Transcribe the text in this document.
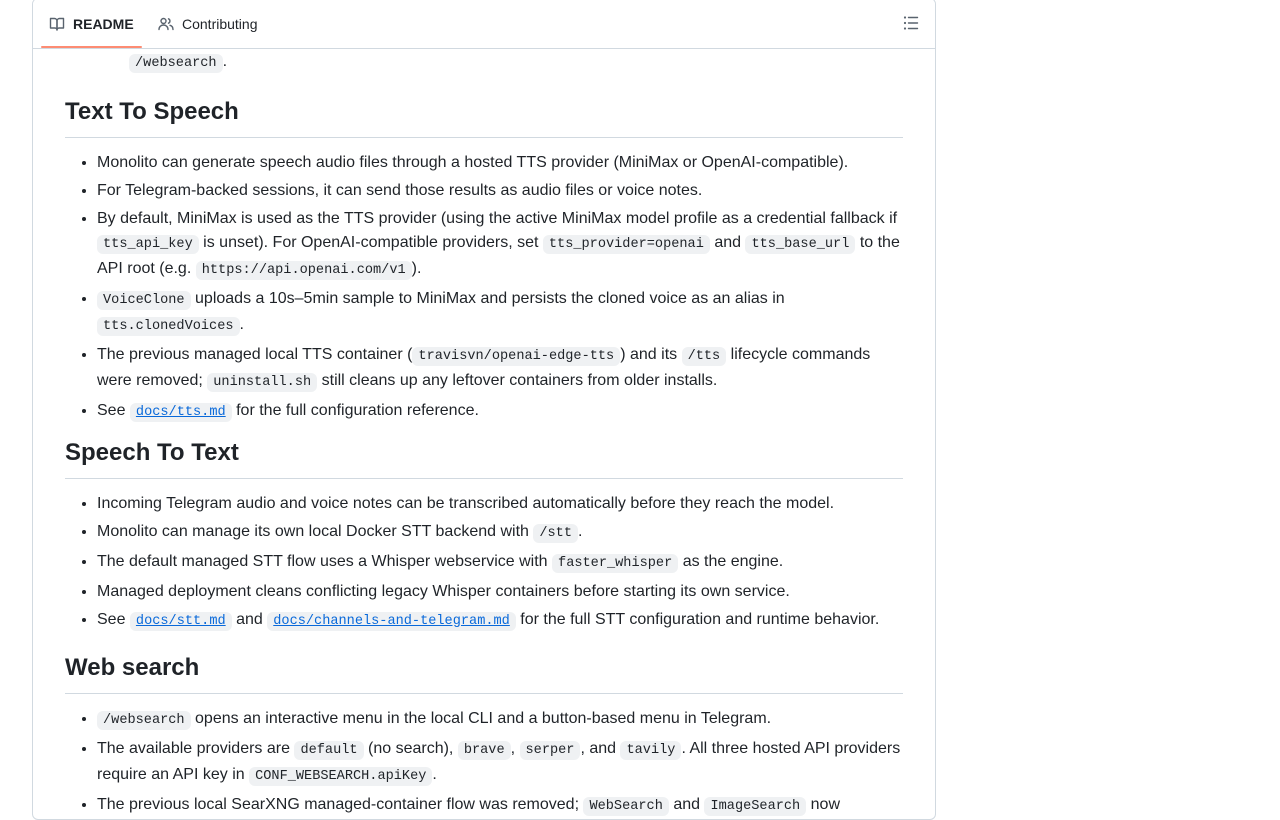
README	Contributing
/websearch .
Text To Speech
• Monolito can generate speech audio files through a hosted TTS provider (MiniMax or OpenAI-compatible).
• For Telegram-backed sessions, it can send those results as audio files or voice notes.
• By default, MiniMax is used as the TTS provider (using the active MiniMax model profile as a credential fallback if tts_api_key is unset). For OpenAI-compatible providers, set tts_provider=openai and tts_base_url to the API root (e.g. https://api.openai.com/v1 ).
• VoiceClone uploads a 10s–5min sample to MiniMax and persists the cloned voice as an alias in tts.clonedVoices .
• The previous managed local TTS container ( travisvn/openai-edge-tts ) and its /tts lifecycle commands were removed; uninstall.sh still cleans up any leftover containers from older installs.
• See docs/tts.md for the full configuration reference.
Speech To Text
• Incoming Telegram audio and voice notes can be transcribed automatically before they reach the model.
• Monolito can manage its own local Docker STT backend with /stt .
• The default managed STT flow uses a Whisper webservice with faster_whisper as the engine.
• Managed deployment cleans conflicting legacy Whisper containers before starting its own service.
• See docs/stt.md and docs/channels-and-telegram.md for the full STT configuration and runtime behavior.
Web search
• /websearch opens an interactive menu in the local CLI and a button-based menu in Telegram.
• The available providers are default (no search), brave , serper , and tavily . All three hosted API providers require an API key in CONF_WEBSEARCH.apiKey .
• The previous local SearXNG managed-container flow was removed; WebSearch and ImageSearch now
